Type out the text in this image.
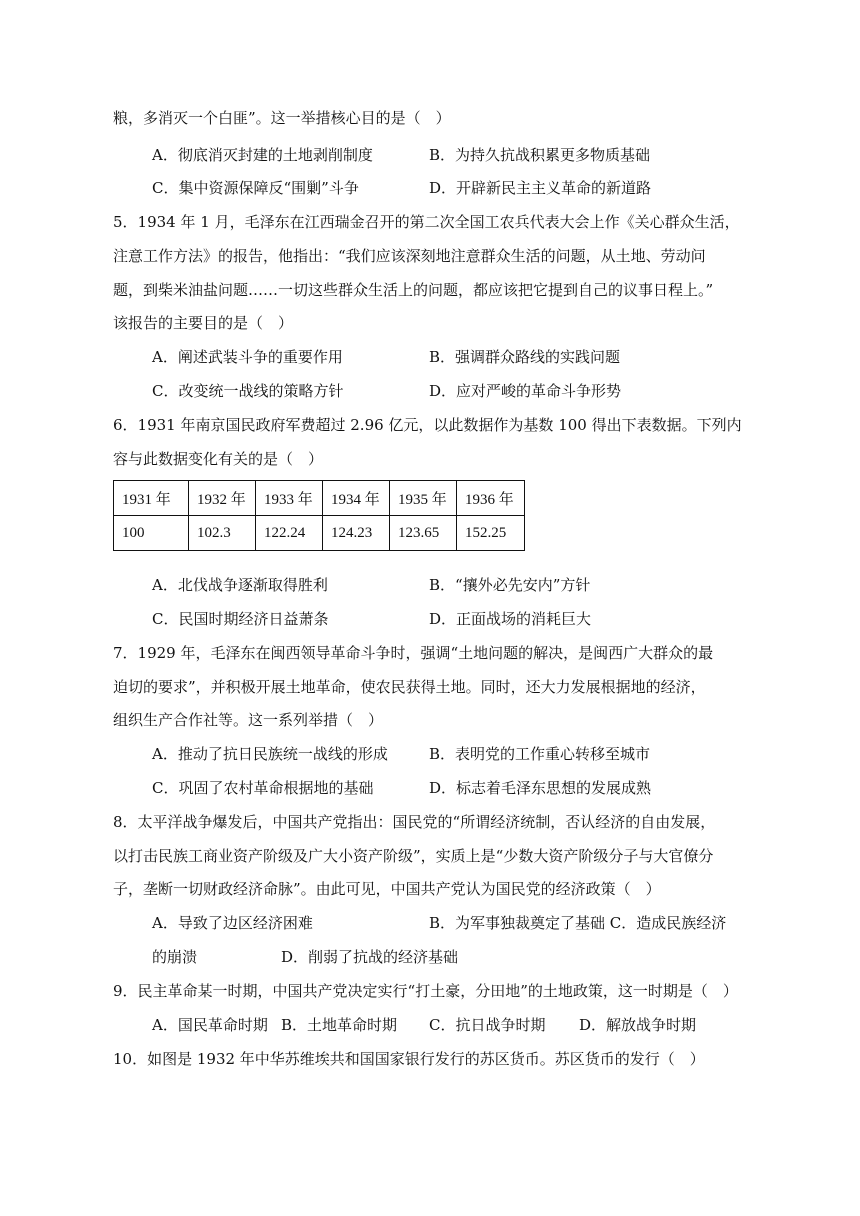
粮，多消灭一个白匪”。这一举措核心目的是（　）
A．彻底消灭封建的土地剥削制度	B．为持久抗战积累更多物质基础
C．集中资源保障反“围剿”斗争	D．开辟新民主主义革命的新道路
5．1934 年 1 月，毛泽东在江西瑞金召开的第二次全国工农兵代表大会上作《关心群众生活，
注意工作方法》的报告，他指出：“我们应该深刻地注意群众生活的问题，从土地、劳动问
题，到柴米油盐问题……一切这些群众生活上的问题，都应该把它提到自己的议事日程上。”
该报告的主要目的是（　）
A．阐述武装斗争的重要作用	B．强调群众路线的实践问题
C．改变统一战线的策略方针	D．应对严峻的革命斗争形势
6．1931 年南京国民政府军费超过 2.96 亿元，以此数据作为基数 100 得出下表数据。下列内
容与此数据变化有关的是（　）
1931 年	1932 年	1933 年	1934 年	1935 年	1936 年
100	102.3	122.24	124.23	123.65	152.25
A．北伐战争逐渐取得胜利	B．“攘外必先安内”方针
C．民国时期经济日益萧条	D．正面战场的消耗巨大
7．1929 年，毛泽东在闽西领导革命斗争时，强调“土地问题的解决，是闽西广大群众的最
迫切的要求”，并积极开展土地革命，使农民获得土地。同时，还大力发展根据地的经济，
组织生产合作社等。这一系列举措（　）
A．推动了抗日民族统一战线的形成	B．表明党的工作重心转移至城市
C．巩固了农村革命根据地的基础	D．标志着毛泽东思想的发展成熟
8．太平洋战争爆发后，中国共产党指出：国民党的“所谓经济统制，否认经济的自由发展，
以打击民族工商业资产阶级及广大小资产阶级”，实质上是“少数大资产阶级分子与大官僚分
子，垄断一切财政经济命脉”。由此可见，中国共产党认为国民党的经济政策（　）
A．导致了边区经济困难	B．为军事独裁奠定了基础 C．造成民族经济
的崩溃	D．削弱了抗战的经济基础
9．民主革命某一时期，中国共产党决定实行“打土豪，分田地”的土地政策，这一时期是（　）
A．国民革命时期 B．土地革命时期 C．抗日战争时期 D．解放战争时期
10．如图是 1932 年中华苏维埃共和国国家银行发行的苏区货币。苏区货币的发行（　）
